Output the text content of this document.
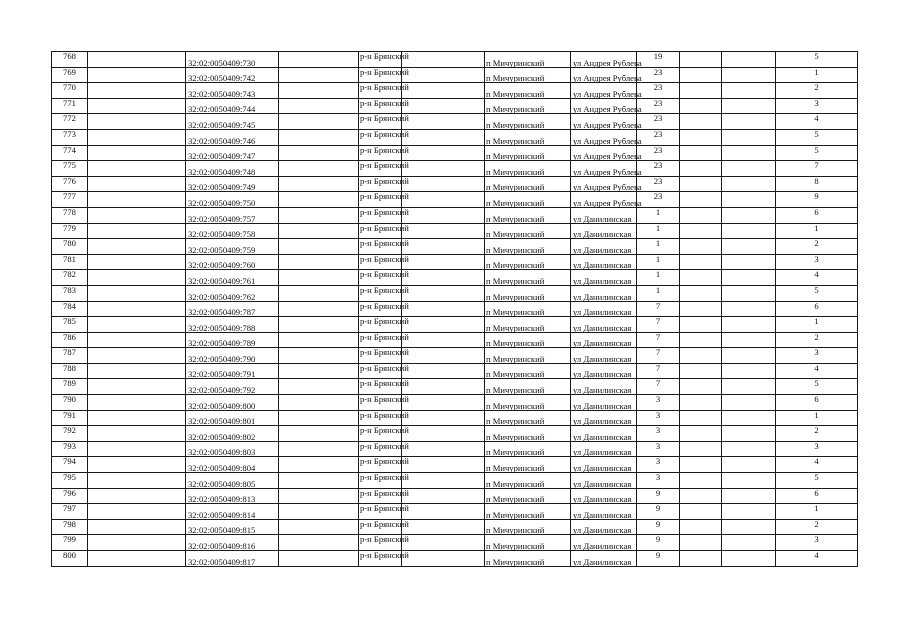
768		32:02:0050409:730		р-н Брянский		п Мичуринский	ул Андрея Рублева	19			5
769		32:02:0050409:742		р-н Брянский		п Мичуринский	ул Андрея Рублева	23			1
770		32:02:0050409:743		р-н Брянский		п Мичуринский	ул Андрея Рублева	23			2
771		32:02:0050409:744		р-н Брянский		п Мичуринский	ул Андрея Рублева	23			3
772		32:02:0050409:745		р-н Брянский		п Мичуринский	ул Андрея Рублева	23			4
773		32:02:0050409:746		р-н Брянский		п Мичуринский	ул Андрея Рублева	23			5
774		32:02:0050409:747		р-н Брянский		п Мичуринский	ул Андрея Рублева	23			5
775		32:02:0050409:748		р-н Брянский		п Мичуринский	ул Андрея Рублева	23			7
776		32:02:0050409:749		р-н Брянский		п Мичуринский	ул Андрея Рублева	23			8
777		32:02:0050409:750		р-н Брянский		п Мичуринский	ул Андрея Рублева	23			9
778		32:02:0050409:757		р-н Брянский		п Мичуринский	ул Данилинская	1			6
779		32:02:0050409:758		р-н Брянский		п Мичуринский	ул Данилинская	1			1
780		32:02:0050409:759		р-н Брянский		п Мичуринский	ул Данилинская	1			2
781		32:02:0050409:760		р-н Брянский		п Мичуринский	ул Данилинская	1			3
782		32:02:0050409:761		р-н Брянский		п Мичуринский	ул Данилинская	1			4
783		32:02:0050409:762		р-н Брянский		п Мичуринский	ул Данилинская	1			5
784		32:02:0050409:787		р-н Брянский		п Мичуринский	ул Данилинская	7			6
785		32:02:0050409:788		р-н Брянский		п Мичуринский	ул Данилинская	7			1
786		32:02:0050409:789		р-н Брянский		п Мичуринский	ул Данилинская	7			2
787		32:02:0050409:790		р-н Брянский		п Мичуринский	ул Данилинская	7			3
788		32:02:0050409:791		р-н Брянский		п Мичуринский	ул Данилинская	7			4
789		32:02:0050409:792		р-н Брянский		п Мичуринский	ул Данилинская	7			5
790		32:02:0050409:800		р-н Брянский		п Мичуринский	ул Данилинская	3			6
791		32:02:0050409:801		р-н Брянский		п Мичуринский	ул Данилинская	3			1
792		32:02:0050409:802		р-н Брянский		п Мичуринский	ул Данилинская	3			2
793		32:02:0050409:803		р-н Брянский		п Мичуринский	ул Данилинская	3			3
794		32:02:0050409:804		р-н Брянский		п Мичуринский	ул Данилинская	3			4
795		32:02:0050409:805		р-н Брянский		п Мичуринский	ул Данилинская	3			5
796		32:02:0050409:813		р-н Брянский		п Мичуринский	ул Данилинская	9			6
797		32:02:0050409:814		р-н Брянский		п Мичуринский	ул Данилинская	9			1
798		32:02:0050409:815		р-н Брянский		п Мичуринский	ул Данилинская	9			2
799		32:02:0050409:816		р-н Брянский		п Мичуринский	ул Данилинская	9			3
800		32:02:0050409:817		р-н Брянский		п Мичуринский	ул Данилинская	9			4
